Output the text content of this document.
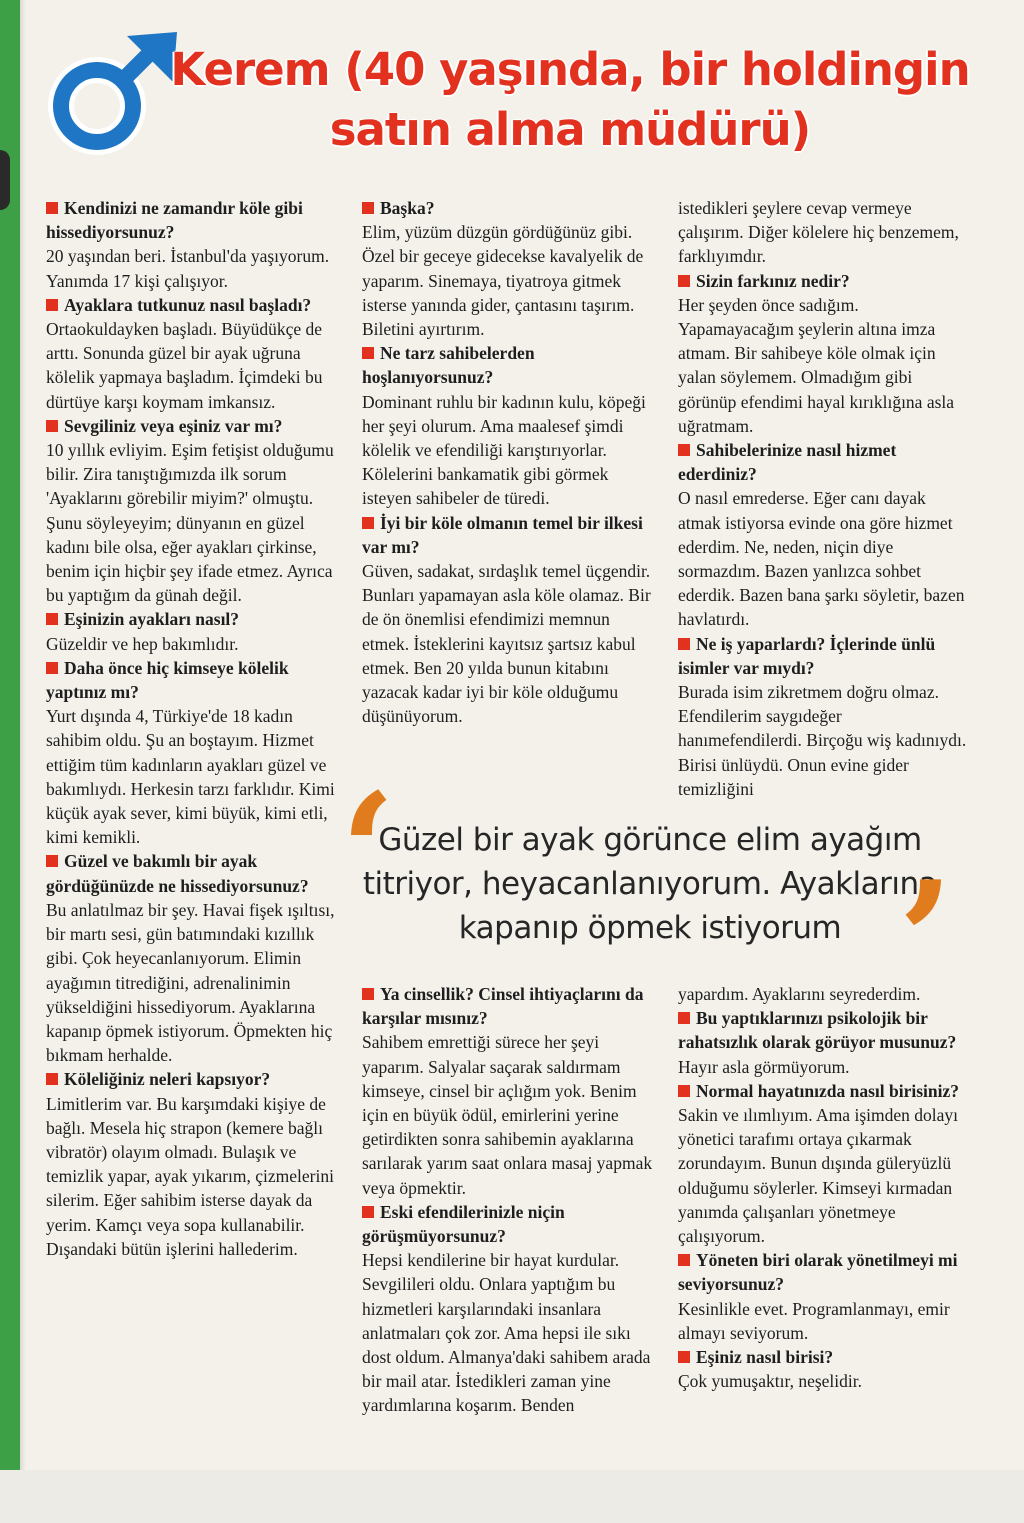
Kerem (40 yaşında, bir holdingin satın alma müdürü)

Kendinizi ne zamandır köle gibi hissediyorsunuz?

20 yaşından beri. İstanbul'da yaşıyorum. Yanımda 17 kişi çalışıyor.

Ayaklara tutkunuz nasıl başladı?

Ortaokuldayken başladı. Büyüdükçe de arttı. Sonunda güzel bir ayak uğruna kölelik yapmaya başladım. İçimdeki bu dürtüye karşı koymam imkansız.

Sevgiliniz veya eşiniz var mı?

10 yıllık evliyim. Eşim fetişist olduğumu bilir. Zira tanıştığımızda ilk sorum 'Ayaklarını görebilir miyim?' olmuştu. Şunu söyleyeyim; dünyanın en güzel kadını bile olsa, eğer ayakları çirkinse, benim için hiçbir şey ifade etmez. Ayrıca bu yaptığım da günah değil.

Eşinizin ayakları nasıl?

Güzeldir ve hep bakımlıdır.

Daha önce hiç kimseye kölelik yaptınız mı?

Yurt dışında 4, Türkiye'de 18 kadın sahibim oldu. Şu an boştayım. Hizmet ettiğim tüm kadınların ayakları güzel ve bakımlıydı. Herkesin tarzı farklıdır. Kimi küçük ayak sever, kimi büyük, kimi etli, kimi kemikli.

Güzel ve bakımlı bir ayak gördüğünüzde ne hissediyorsunuz?

Bu anlatılmaz bir şey. Havai fişek ışıltısı, bir martı sesi, gün batımındaki kızıllık gibi. Çok heyecanlanıyorum. Elimin ayağımın titrediğini, adrenalinimin yükseldiğini hissediyorum. Ayaklarına kapanıp öpmek istiyorum. Öpmekten hiç bıkmam herhalde.

Köleliğiniz neleri kapsıyor?

Limitlerim var. Bu karşımdaki kişiye de bağlı. Mesela hiç strapon (kemere bağlı vibratör) olayım olmadı. Bulaşık ve temizlik yapar, ayak yıkarım, çizmelerini silerim. Eğer sahibim isterse dayak da yerim. Kamçı veya sopa kullanabilir. Dışandaki bütün işlerini hallederim.

Başka?

Elim, yüzüm düzgün gördüğünüz gibi. Özel bir geceye gidecekse kavalyelik de yaparım. Sinemaya, tiyatroya gitmek isterse yanında gider, çantasını taşırım. Biletini ayırtırım.

Ne tarz sahibelerden hoşlanıyorsunuz?

Dominant ruhlu bir kadının kulu, köpeği her şeyi olurum. Ama maalesef şimdi kölelik ve efendiliği karıştırıyorlar. Kölelerini bankamatik gibi görmek isteyen sahibeler de türedi.

İyi bir köle olmanın temel bir ilkesi var mı?

Güven, sadakat, sırdaşlık temel üçgendir. Bunları yapamayan asla köle olamaz. Bir de ön önemlisi efendimizi memnun etmek. İsteklerini kayıtsız şartsız kabul etmek. Ben 20 yılda bunun kitabını yazacak kadar iyi bir köle olduğumu düşünüyorum.

istedikleri şeylere cevap vermeye çalışırım. Diğer kölelere hiç benzemem, farklıyımdır.

Sizin farkınız nedir?

Her şeyden önce sadığım. Yapamayacağım şeylerin altına imza atmam. Bir sahibeye köle olmak için yalan söylemem. Olmadığım gibi görünüp efendimi hayal kırıklığına asla uğratmam.

Sahibelerinize nasıl hizmet ederdiniz?

O nasıl emrederse. Eğer canı dayak atmak istiyorsa evinde ona göre hizmet ederdim. Ne, neden, niçin diye sormazdım. Bazen yanlızca sohbet ederdik. Bazen bana şarkı söyletir, bazen havlatırdı.

Ne iş yaparlardı? İçlerinde ünlü isimler var mıydı?

Burada isim zikretmem doğru olmaz. Efendilerim saygıdeğer hanımefendilerdi. Birçoğu wiş kadınıydı. Birisi ünlüydü. Onun evine gider temizliğini

‘

Güzel bir ayak görünce elim ayağım titriyor, heyacanlanıyorum. Ayaklarına kapanıp öpmek istiyorum ’

Ya cinsellik? Cinsel ihtiyaçlarını da karşılar mısınız?

Sahibem emrettiği sürece her şeyi yaparım. Salyalar saçarak saldırmam kimseye, cinsel bir açlığım yok. Benim için en büyük ödül, emirlerini yerine getirdikten sonra sahibemin ayaklarına sarılarak yarım saat onlara masaj yapmak veya öpmektir.

Eski efendilerinizle niçin görüşmüyorsunuz?

Hepsi kendilerine bir hayat kurdular. Sevgilileri oldu. Onlara yaptığım bu hizmetleri karşılarındaki insanlara anlatmaları çok zor. Ama hepsi ile sıkı dost oldum. Almanya'daki sahibem arada bir mail atar. İstedikleri zaman yine yardımlarına koşarım. Benden

yapardım. Ayaklarını seyrederdim.

Bu yaptıklarınızı psikolojik bir rahatsızlık olarak görüyor musunuz?

Hayır asla görmüyorum.

Normal hayatınızda nasıl birisiniz?

Sakin ve ılımlıyım. Ama işimden dolayı yönetici tarafımı ortaya çıkarmak zorundayım. Bunun dışında güleryüzlü olduğumu söylerler. Kimseyi kırmadan yanımda çalışanları yönetmeye çalışıyorum.

Yöneten biri olarak yönetilmeyi mi seviyorsunuz?

Kesinlikle evet. Programlanmayı, emir almayı seviyorum.

Eşiniz nasıl birisi?

Çok yumuşaktır, neşelidir.
